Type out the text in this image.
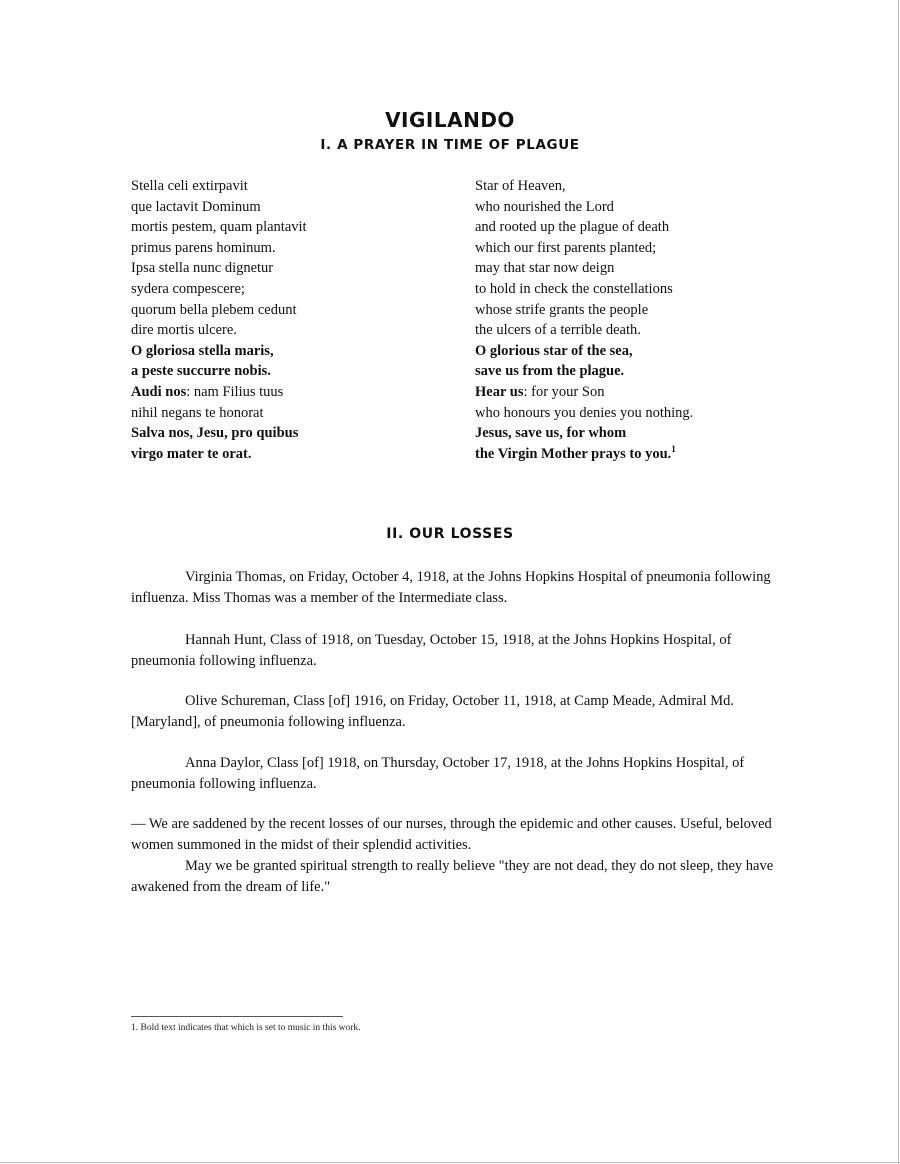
VIGILANDO
I. A PRAYER IN TIME OF PLAGUE
Stella celi extirpavit
que lactavit Dominum
mortis pestem, quam plantavit
primus parens hominum.
Ipsa stella nunc dignetur
sydera compescere;
quorum bella plebem cedunt
dire mortis ulcere.
O gloriosa stella maris,
a peste succurre nobis.
Audi nos: nam Filius tuus
nihil negans te honorat
Salva nos, Jesu, pro quibus
virgo mater te orat.
Star of Heaven,
who nourished the Lord
and rooted up the plague of death
which our first parents planted;
may that star now deign
to hold in check the constellations
whose strife grants the people
the ulcers of a terrible death.
O glorious star of the sea,
save us from the plague.
Hear us: for your Son
who honours you denies you nothing.
Jesus, save us, for whom
the Virgin Mother prays to you.$^1$
II. OUR LOSSES
Virginia Thomas, on Friday, October 4, 1918, at the Johns Hopkins Hospital of pneumonia following influenza. Miss Thomas was a member of the Intermediate class.
Hannah Hunt, Class of 1918, on Tuesday, October 15, 1918, at the Johns Hopkins Hospital, of pneumonia following influenza.
Olive Schureman, Class [of] 1916, on Friday, October 11, 1918, at Camp Meade, Admiral Md. [Maryland], of pneumonia following influenza.
Anna Daylor, Class [of] 1918, on Thursday, October 17, 1918, at the Johns Hopkins Hospital, of pneumonia following influenza.
— We are saddened by the recent losses of our nurses, through the epidemic and other causes. Useful, beloved women summoned in the midst of their splendid activities.
May we be granted spiritual strength to really believe "they are not dead, they do not sleep, they have awakened from the dream of life."
1. Bold text indicates that which is set to music in this work.
